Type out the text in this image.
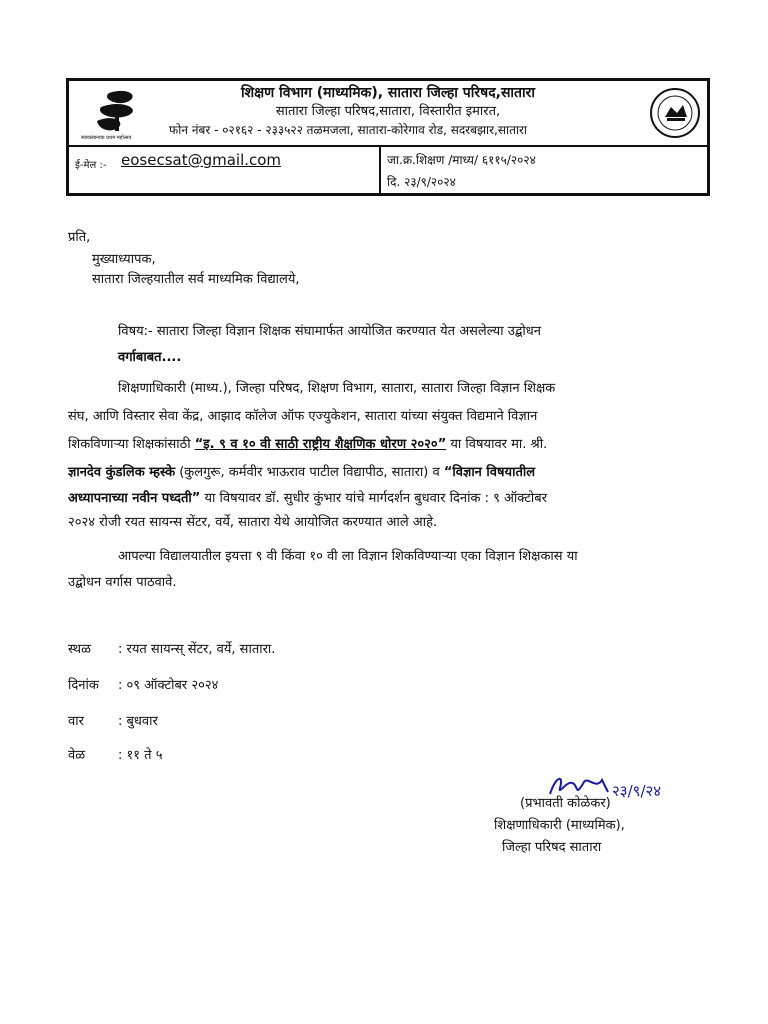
स्वावलंबनाचा प्रथम महोत्सव
शिक्षण विभाग (माध्यमिक), सातारा जिल्हा परिषद,सातारा
सातारा जिल्हा परिषद,सातारा, विस्तारीत इमारत,
फोन नंबर - ०२१६२ - २३३५२२ तळमजला, सातारा-कोरेगाव रोड, सदरबझार,सातारा
ई-मेल :- eosecsat@gmail.com	जा.क्र.शिक्षण /माध्य/ ६११५/२०२४
दि. २३/९/२०२४
प्रति,
मुख्याध्यापक,
सातारा जिल्हयातील सर्व माध्यमिक विद्यालये,
विषय:- सातारा जिल्हा विज्ञान शिक्षक संघामार्फत आयोजित करण्यात येत असलेल्या उद्बोधन
वर्गाबाबत....
शिक्षणाधिकारी (माध्य.), जिल्हा परिषद, शिक्षण विभाग, सातारा, सातारा जिल्हा विज्ञान शिक्षक
संघ, आणि विस्तार सेवा केंद्र, आझाद कॉलेज ऑफ एज्युकेशन, सातारा यांच्या संयुक्त विद्यमाने विज्ञान
शिकविणाऱ्या शिक्षकांसाठी “इ. ९ व १० वी साठी राष्ट्रीय शैक्षणिक धोरण २०२०” या विषयावर मा. श्री.
ज्ञानदेव कुंडलिक म्हस्के (कुलगुरू, कर्मवीर भाऊराव पाटील विद्यापीठ, सातारा) व “विज्ञान विषयातील
अध्यापनाच्या नवीन पध्दती” या विषयावर डॉ. सुधीर कुंभार यांचे मार्गदर्शन बुधवार दिनांक : ९ ऑक्टोबर
२०२४ रोजी रयत सायन्स सेंटर, वर्ये, सातारा येथे आयोजित करण्यात आले आहे.
आपल्या विद्यालयातील इयत्ता ९ वी किंवा १० वी ला विज्ञान शिकविण्याऱ्या एका विज्ञान शिक्षकास या
उद्बोधन वर्गास पाठवावे.
स्थळ : रयत सायन्स् सेंटर, वर्ये, सातारा.
दिनांक : ०९ ऑक्टोबर २०२४
वार	: बुधवार
वेळ	: ११ ते ५
२३/९/२४
(प्रभावती कोळेकर)
शिक्षणाधिकारी (माध्यमिक),
जिल्हा परिषद सातारा
